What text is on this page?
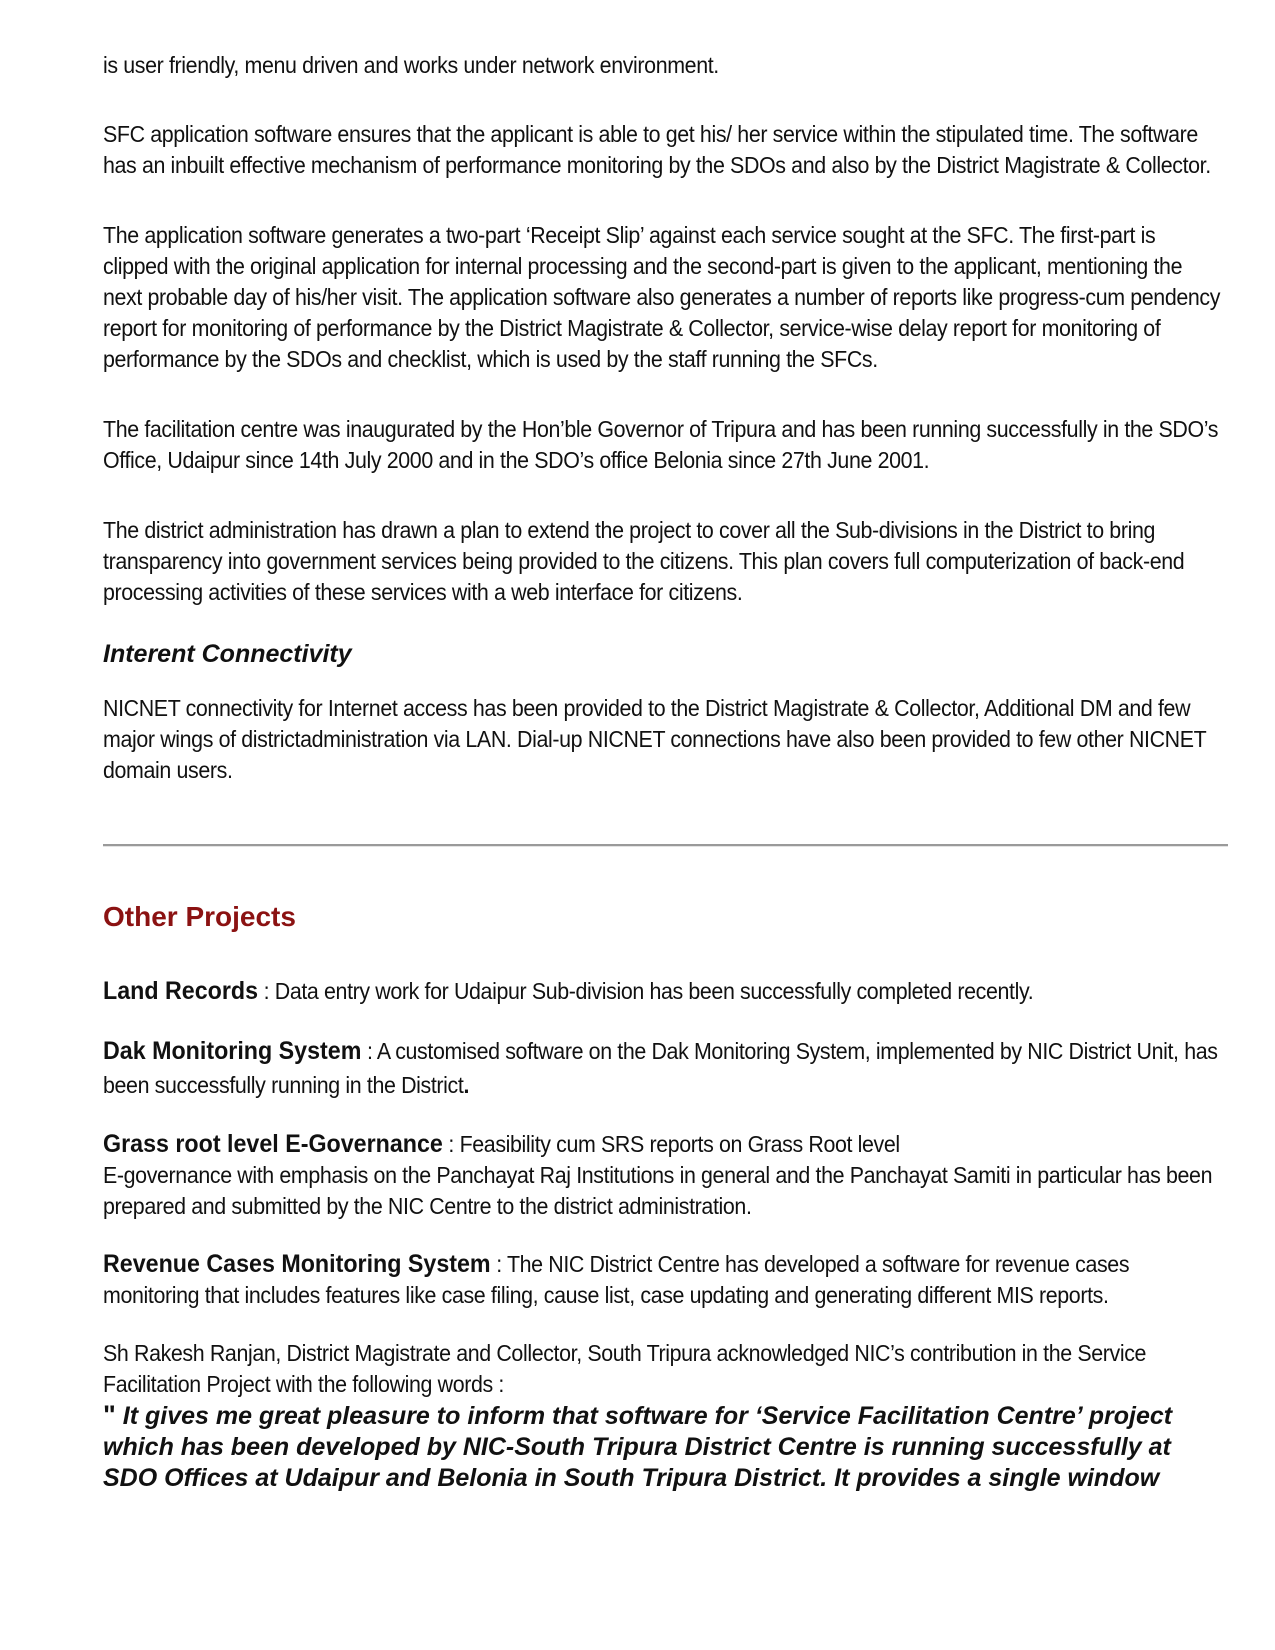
is user friendly, menu driven and works under network environment.

SFC application software ensures that the applicant is able to get his/ her service within the stipulated time. The software has an inbuilt effective mechanism of performance monitoring by the SDOs and also by the District Magistrate & Collector.

The application software generates a two-part ‘Receipt Slip’ against each service sought at the SFC. The first-part is clipped with the original application for internal processing and the second-part is given to the applicant, mentioning the next probable day of his/her visit. The application software also generates a number of reports like progress-cum pendency report for monitoring of performance by the District Magistrate & Collector, service-wise delay report for monitoring of performance by the SDOs and checklist, which is used by the staff running the SFCs.

The facilitation centre was inaugurated by the Hon’ble Governor of Tripura and has been running successfully in the SDO’s Office, Udaipur since 14th July 2000 and in the SDO’s office Belonia since 27th June 2001.

The district administration has drawn a plan to extend the project to cover all the Sub-divisions in the District to bring transparency into government services being provided to the citizens. This plan covers full computerization of back-end processing activities of these services with a web interface for citizens.

Interent Connectivity

NICNET connectivity for Internet access has been provided to the District Magistrate & Collector, Additional DM and few major wings of districtadministration via LAN. Dial-up NICNET connections have also been provided to few other NICNET domain users.

Other Projects
Land Records : Data entry work for Udaipur Sub-division has been successfully completed recently.
Dak Monitoring System : A customised software on the Dak Monitoring System, implemented by NIC District Unit, has been successfully running in the District.
Grass root level E-Governance : Feasibility cum SRS reports on Grass Root level
E-governance with emphasis on the Panchayat Raj Institutions in general and the Panchayat Samiti in particular has been prepared and submitted by the NIC Centre to the district administration.
Revenue Cases Monitoring System : The NIC District Centre has developed a software for revenue cases monitoring that includes features like case filing, cause list, case updating and generating different MIS reports.

Sh Rakesh Ranjan, District Magistrate and Collector, South Tripura acknowledged NIC’s contribution in the Service Facilitation Project with the following words :

" It gives me great pleasure to inform that software for ‘Service Facilitation Centre’ project which has been developed by NIC-South Tripura District Centre is running successfully at SDO Offices at Udaipur and Belonia in South Tripura District. It provides a single window
